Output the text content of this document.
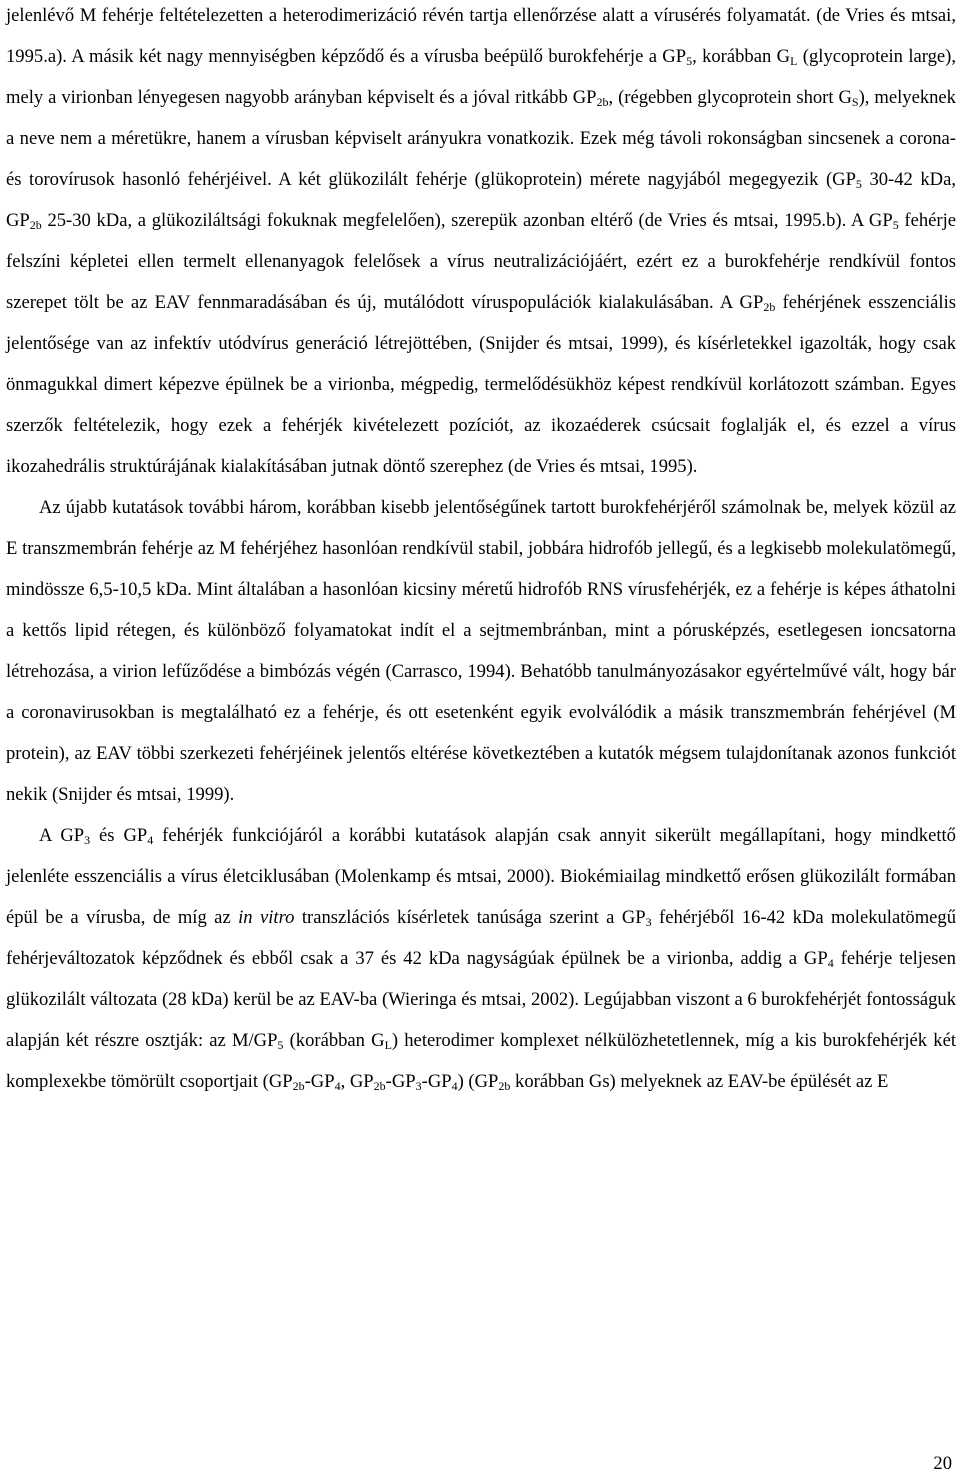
jelenlévő M fehérje feltételezetten a heterodimerizáció révén tartja ellenőrzése alatt a vírusérés folyamatát. (de Vries és mtsai, 1995.a). A másik két nagy mennyiségben képződő és a vírusba beépülő burokfehérje a $GP_5$, korábban $G_L$ (glycoprotein large), mely a virionban lényegesen nagyobb arányban képviselt és a jóval ritkább $GP_{2b}$, (régebben glycoprotein short $G_S$), melyeknek a neve nem a méretükre, hanem a vírusban képviselt arányukra vonatkozik. Ezek még távoli rokonságban sincsenek a corona- és torovírusok hasonló fehérjéivel. A két glükozilált fehérje (glükoprotein) mérete nagyjából megegyezik ($GP_5$ 30-42 kDa, $GP_{2b}$ 25-30 kDa, a glükoziláltsági fokuknak megfelelően), szerepük azonban eltérő (de Vries és mtsai, 1995.b). A $GP_5$ fehérje felszíni képletei ellen termelt ellenanyagok felelősek a vírus neutralizációjáért, ezért ez a burokfehérje rendkívül fontos szerepet tölt be az EAV fennmaradásában és új, mutálódott víruspopulációk kialakulásában. A $GP_{2b}$ fehérjének esszenciális jelentősége van az infektív utódvírus generáció létrejöttében, (Snijder és mtsai, 1999), és kísérletekkel igazolták, hogy csak önmagukkal dimert képezve épülnek be a virionba, mégpedig, termelődésükhöz képest rendkívül korlátozott számban. Egyes szerzők feltételezik, hogy ezek a fehérjék kivételezett pozíciót, az ikozaéderek csúcsait foglalják el, és ezzel a vírus ikozahedrális struktúrájának kialakításában jutnak döntő szerephez (de Vries és mtsai, 1995).

Az újabb kutatások további három, korábban kisebb jelentőségűnek tartott burokfehérjéről számolnak be, melyek közül az E transzmembrán fehérje az M fehérjéhez hasonlóan rendkívül stabil, jobbára hidrofób jellegű, és a legkisebb molekulatömegű, mindössze 6,5-10,5 kDa. Mint általában a hasonlóan kicsiny méretű hidrofób RNS vírusfehérjék, ez a fehérje is képes áthatolni a kettős lipid rétegen, és különböző folyamatokat indít el a sejtmembránban, mint a pórusképzés, esetlegesen ioncsatorna létrehozása, a virion lefűződése a bimbózás végén (Carrasco, 1994). Behatóbb tanulmányozásakor egyértelművé vált, hogy bár a coronavirusokban is megtalálható ez a fehérje, és ott esetenként egyik evolválódik a másik transzmembrán fehérjével (M protein), az EAV többi szerkezeti fehérjéinek jelentős eltérése következtében a kutatók mégsem tulajdonítanak azonos funkciót nekik (Snijder és mtsai, 1999).

A $GP_3$ és $GP_4$ fehérjék funkciójáról a korábbi kutatások alapján csak annyit sikerült megállapítani, hogy mindkettő jelenléte esszenciális a vírus életciklusában (Molenkamp és mtsai, 2000). Biokémiailag mindkettő erősen glükozilált formában épül be a vírusba, de míg az in vitro transzlációs kísérletek tanúsága szerint a $GP_3$ fehérjéből 16-42 kDa molekulatömegű fehérjeváltozatok képződnek és ebből csak a 37 és 42 kDa nagyságúak épülnek be a virionba, addig a $GP_4$ fehérje teljesen glükozilált változata (28 kDa) kerül be az EAV-ba (Wieringa és mtsai, 2002). Legújabban viszont a 6 burokfehérjét fontosságuk alapján két részre osztják: az $M/GP_5$ (korábban $G_L$) heterodimer komplexet nélkülözhetetlennek, míg a kis burokfehérjék két komplexekbe tömörült csoportjait ($GP_{2b}-GP_4$, $GP_{2b}-GP_3-GP_4$) ($GP_{2b}$ korábban Gs) melyeknek az EAV-be épülését az E

20
